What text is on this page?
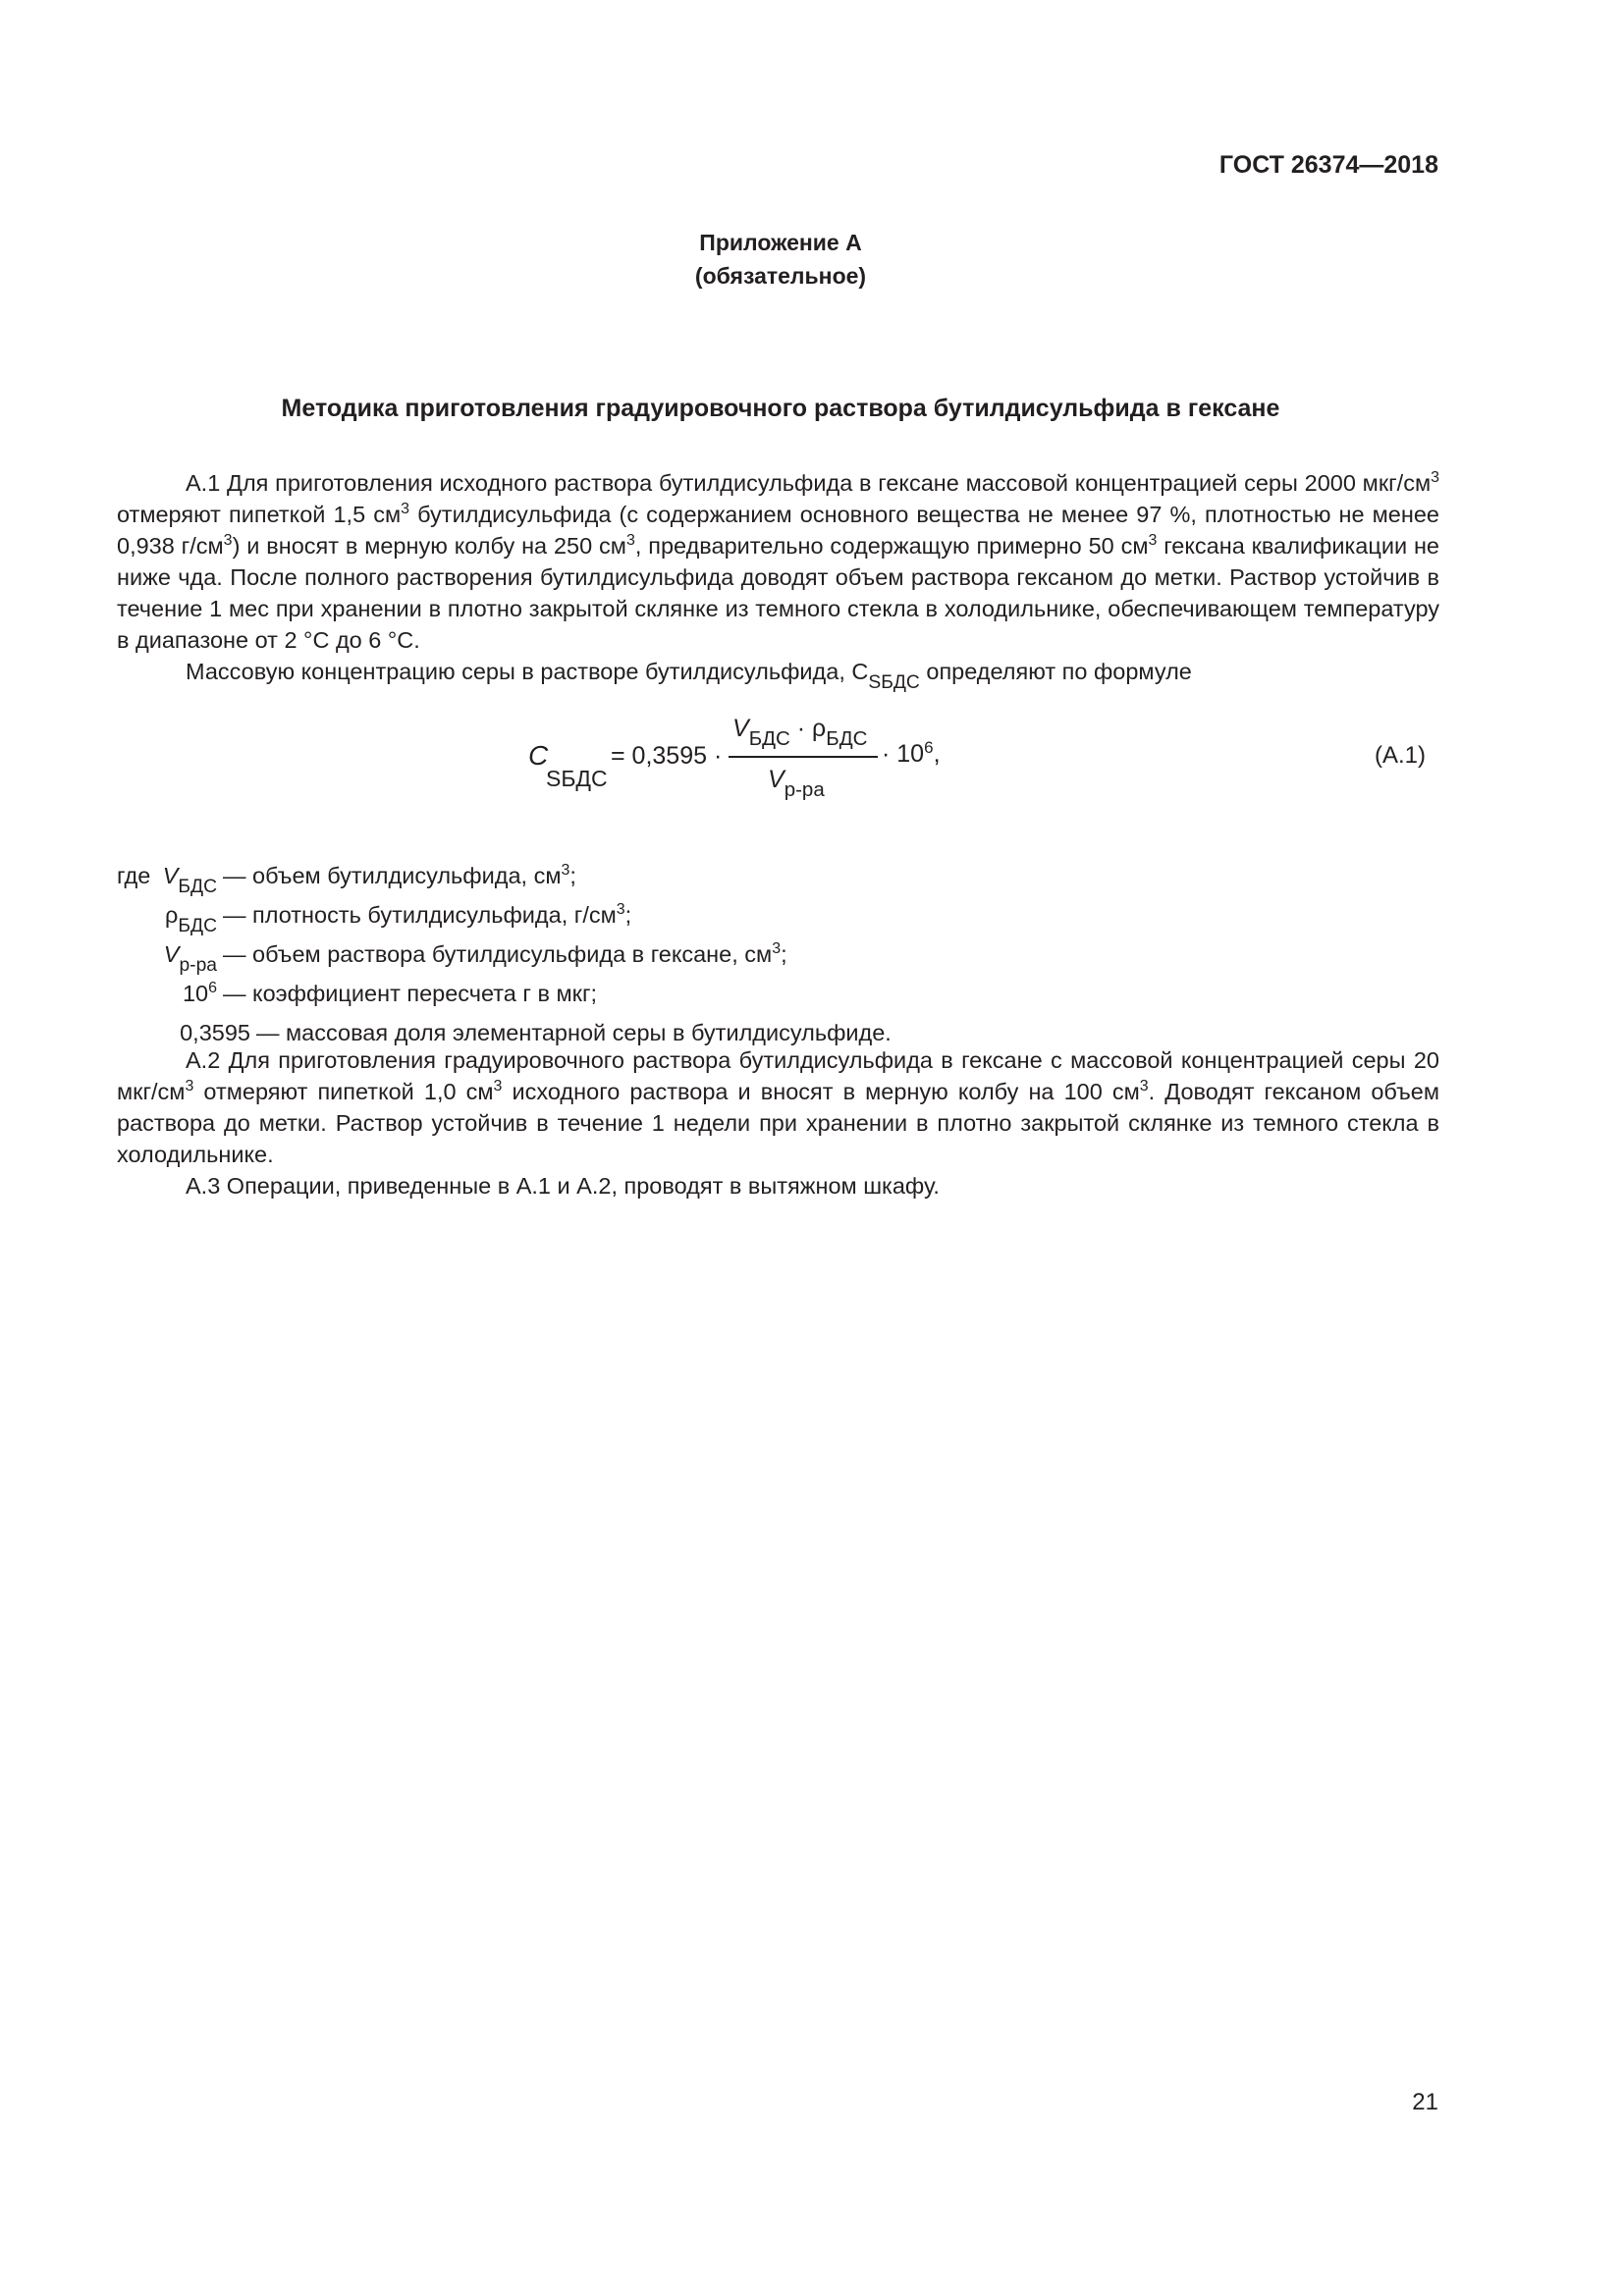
ГОСТ 26374—2018
Приложение А
(обязательное)
Методика приготовления градуировочного раствора бутилдисульфида в гексане

А.1 Для приготовления исходного раствора бутилдисульфида в гексане массовой концентрацией серы 2000 мкг/$см^3$ отмеряют пипеткой 1,5 $см^3$ бутилдисульфида (с содержанием основного вещества не менее 97 %, плотностью не менее 0,938 $г/см^3$) и вносят в мерную колбу на 250 $см^3$, предварительно содержащую примерно 50 $см^3$ гексана квалификации не ниже чда. После полного растворения бутилдисульфида доводят объем раствора гексаном до метки. Раствор устойчив в течение 1 мес при хранении в плотно закрытой склянке из темного стекла в холодильнике, обеспечивающем температуру в диапазоне от 2 °С до 6 °С.

Массовую концентрацию серы в растворе бутилдисульфида, $C_{SБДС}$ определяют по формуле

C
SБДС
= 0,3595 ·
$V_{БДС} \cdot \rho_{БДС}$
$V_{р-ра}$
· $10^6$,	(А.1)
где $V_{БДС}$ — объем бутилдисульфида, $см^3$;
$\rho_{БДС}$ — плотность бутилдисульфида, $г/см^3$;
$V_{р-ра}$ — объем раствора бутилдисульфида в гексане, $см^3$;
$10^6$ — коэффициент пересчета г в мкг;
0,3595 — массовая доля элементарной серы в бутилдисульфиде.

А.2 Для приготовления градуировочного раствора бутилдисульфида в гексане с массовой концентрацией серы 20 мкг/$см^3$ отмеряют пипеткой 1,0 $см^3$ исходного раствора и вносят в мерную колбу на 100 $см^3$. Доводят гексаном объем раствора до метки. Раствор устойчив в течение 1 недели при хранении в плотно закрытой склянке из темного стекла в холодильнике.

А.3 Операции, приведенные в А.1 и А.2, проводят в вытяжном шкафу.

21
